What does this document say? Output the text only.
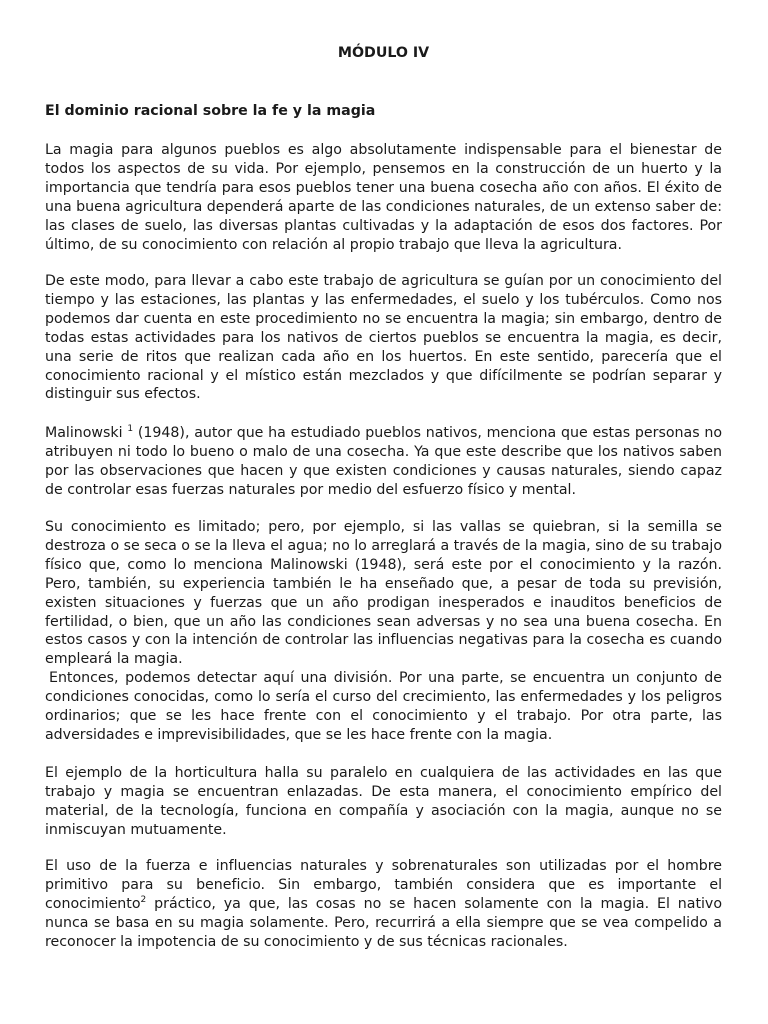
MÓDULO IV
El dominio racional sobre la fe y la magia

La magia para algunos pueblos es algo absolutamente indispensable para el bienestar de todos los aspectos de su vida. Por ejemplo, pensemos en la construcción de un huerto y la importancia que tendría para esos pueblos tener una buena cosecha año con años. El éxito de una buena agricultura dependerá aparte de las condiciones naturales, de un extenso saber de: las clases de suelo, las diversas plantas cultivadas y la adaptación de esos dos factores. Por último, de su conocimiento con relación al propio trabajo que lleva la agricultura.

De este modo, para llevar a cabo este trabajo de agricultura se guían por un conocimiento del tiempo y las estaciones, las plantas y las enfermedades, el suelo y los tubérculos. Como nos podemos dar cuenta en este procedimiento no se encuentra la magia; sin embargo, dentro de todas estas actividades para los nativos de ciertos pueblos se encuentra la magia, es decir, una serie de ritos que realizan cada año en los huertos. En este sentido, parecería que el conocimiento racional y el místico están mezclados y que difícilmente se podrían separar y distinguir sus efectos.

Malinowski $^1$ (1948), autor que ha estudiado pueblos nativos, menciona que estas personas no atribuyen ni todo lo bueno o malo de una cosecha. Ya que este describe que los nativos saben por las observaciones que hacen y que existen condiciones y causas naturales, siendo capaz de controlar esas fuerzas naturales por medio del esfuerzo físico y mental.

Su conocimiento es limitado; pero, por ejemplo, si las vallas se quiebran, si la semilla se destroza o se seca o se la lleva el agua; no lo arreglará a través de la magia, sino de su trabajo físico que, como lo menciona Malinowski (1948), será este por el conocimiento y la razón. Pero, también, su experiencia también le ha enseñado que, a pesar de toda su previsión, existen situaciones y fuerzas que un año prodigan inesperados e inauditos beneficios de fertilidad, o bien, que un año las condiciones sean adversas y no sea una buena cosecha. En estos casos y con la intención de controlar las influencias negativas para la cosecha es cuando empleará la magia.

Entonces, podemos detectar aquí una división. Por una parte, se encuentra un conjunto de condiciones conocidas, como lo sería el curso del crecimiento, las enfermedades y los peligros ordinarios; que se les hace frente con el conocimiento y el trabajo. Por otra parte, las adversidades e imprevisibilidades, que se les hace frente con la magia.

El ejemplo de la horticultura halla su paralelo en cualquiera de las actividades en las que trabajo y magia se encuentran enlazadas. De esta manera, el conocimiento empírico del material, de la tecnología, funciona en compañía y asociación con la magia, aunque no se inmiscuyan mutuamente.

El uso de la fuerza e influencias naturales y sobrenaturales son utilizadas por el hombre primitivo para su beneficio. Sin embargo, también considera que es importante el conocimiento$^2$ práctico, ya que, las cosas no se hacen solamente con la magia. El nativo nunca se basa en su magia solamente. Pero, recurrirá a ella siempre que se vea compelido a reconocer la impotencia de su conocimiento y de sus técnicas racionales.
